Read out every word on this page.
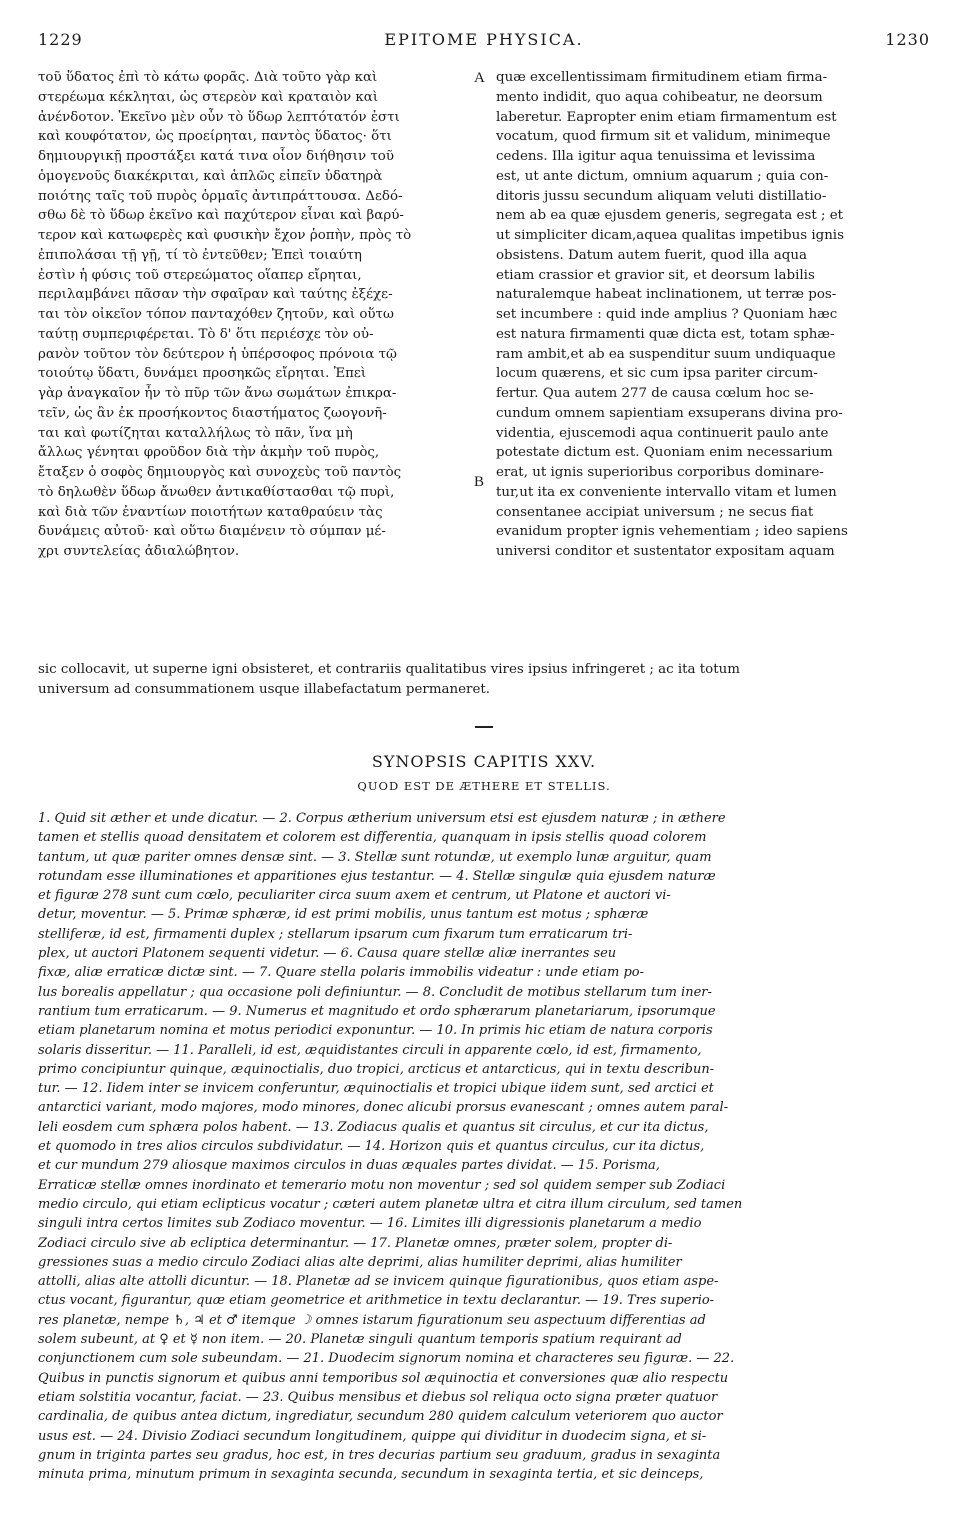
1229	EPITOME PHYSICA.	1230
τοῦ ὕδατος ἐπὶ τὸ κάτω φορᾶς. Διὰ τοῦτο γὰρ καὶ
στερέωμα κέκληται, ὡς στερεὸν καὶ κραταιὸν καὶ
ἀνένδοτον. Ἐκεῖνο μὲν οὖν τὸ ὕδωρ λεπτότατόν ἐστι
καὶ κουφότατον, ὡς προείρηται, παντὸς ὕδατος· ὅτι
δημιουργικῇ προστάξει κατά τινα οἷον διήθησιν τοῦ
ὁμογενοῦς διακέκριται, καὶ ἁπλῶς εἰπεῖν ὑδατηρὰ
ποιότης ταῖς τοῦ πυρὸς ὁρμαῖς ἀντιπράττουσα. Δεδό-
σθω δὲ τὸ ὕδωρ ἐκεῖνο καὶ παχύτερον εἶναι καὶ βαρύ-
τερον καὶ κατωφερὲς καὶ φυσικὴν ἔχον ῥοπὴν, πρὸς τὸ
ἐπιπολάσαι τῇ γῇ, τί τὸ ἐντεῦθεν; Ἐπεὶ τοιαύτη
ἐστὶν ἡ φύσις τοῦ στερεώματος οἵαπερ εἴρηται,
περιλαμβάνει πᾶσαν τὴν σφαῖραν καὶ ταύτης ἐξέχε-
ται τὸν οἰκεῖον τόπον πανταχόθεν ζητοῦν, καὶ οὕτω
ταύτῃ συμπεριφέρεται. Τὸ δ' ὅτι περιέσχε τὸν οὐ-
ρανὸν τοῦτον τὸν δεύτερον ἡ ὑπέρσοφος πρόνοια τῷ
τοιούτῳ ὕδατι, δυνάμει προσηκῶς εἴρηται. Ἐπεὶ
γὰρ ἀναγκαῖον ἦν τὸ πῦρ τῶν ἄνω σωμάτων ἐπικρα-
τεῖν, ὡς ἂν ἐκ προσήκοντος διαστήματος ζωογονῆ-
ται καὶ φωτίζηται καταλλήλως τὸ πᾶν, ἵνα μὴ
ἄλλως γένηται φροῦδον διὰ τὴν ἀκμὴν τοῦ πυρὸς,
ἔταξεν ὁ σοφὸς δημιουργὸς καὶ συνοχεὺς τοῦ παντὸς
τὸ δηλωθὲν ὕδωρ ἄνωθεν ἀντικαθίστασθαι τῷ πυρὶ,
καὶ διὰ τῶν ἐναντίων ποιοτήτων καταθραύειν τὰς
δυνάμεις αὐτοῦ· καὶ οὕτω διαμένειν τὸ σύμπαν μέ-
χρι συντελείας ἀδιαλώβητον.
A
B
quæ excellentissimam firmitudinem etiam firma-
mento indidit, quo aqua cohibeatur, ne deorsum
laberetur. Eapropter enim etiam firmamentum est
vocatum, quod firmum sit et validum, minimeque
cedens. Illa igitur aqua tenuissima et levissima
est, ut ante dictum, omnium aquarum ; quia con-
ditoris jussu secundum aliquam veluti distillatio-
nem ab ea quæ ejusdem generis, segregata est ; et
ut simpliciter dicam,aquea qualitas impetibus ignis
obsistens. Datum autem fuerit, quod illa aqua
etiam crassior et gravior sit, et deorsum labilis
naturalemque habeat inclinationem, ut terræ pos-
set incumbere : quid inde amplius ? Quoniam hæc
est natura firmamenti quæ dicta est, totam sphæ-
ram ambit,et ab ea suspenditur suum undiquaque
locum quærens, et sic cum ipsa pariter circum-
fertur. Qua autem 277 de causa cœlum hoc se-
cundum omnem sapientiam exsuperans divina pro-
videntia, ejuscemodi aqua continuerit paulo ante
potestate dictum est. Quoniam enim necessarium
erat, ut ignis superioribus corporibus dominare-
tur,ut ita ex conveniente intervallo vitam et lumen
consentanee accipiat universum ; ne secus fiat
evanidum propter ignis vehementiam ; ideo sapiens
universi conditor et sustentator expositam aquam
sic collocavit, ut superne igni obsisteret, et contrariis qualitatibus vires ipsius infringeret ; ac ita totum
universum ad consummationem usque illabefactatum permaneret.
SYNOPSIS CAPITIS XXV.
QUOD EST DE ÆTHERE ET STELLIS.
1. Quid sit æther et unde dicatur. — 2. Corpus ætherium universum etsi est ejusdem naturæ ; in æthere
tamen et stellis quoad densitatem et colorem est differentia, quanquam in ipsis stellis quoad colorem
tantum, ut quæ pariter omnes densæ sint. — 3. Stellæ sunt rotundæ, ut exemplo lunæ arguitur, quam
rotundam esse illuminationes et apparitiones ejus testantur. — 4. Stellæ singulæ quia ejusdem naturæ
et figuræ 278 sunt cum cœlo, peculiariter circa suum axem et centrum, ut Platone et auctori vi-
detur, moventur. — 5. Primæ sphæræ, id est primi mobilis, unus tantum est motus ; sphæræ
stelliferæ, id est, firmamenti duplex ; stellarum ipsarum cum fixarum tum erraticarum tri-
plex, ut auctori Platonem sequenti videtur. — 6. Causa quare stellæ aliæ inerrantes seu
fixæ, aliæ erraticæ dictæ sint. — 7. Quare stella polaris immobilis videatur : unde etiam po-
lus borealis appellatur ; qua occasione poli definiuntur. — 8. Concludit de motibus stellarum tum iner-
rantium tum erraticarum. — 9. Numerus et magnitudo et ordo sphærarum planetariarum, ipsorumque
etiam planetarum nomina et motus periodici exponuntur. — 10. In primis hic etiam de natura corporis
solaris disseritur. — 11. Paralleli, id est, æquidistantes circuli in apparente cœlo, id est, firmamento,
primo concipiuntur quinque, æquinoctialis, duo tropici, arcticus et antarcticus, qui in textu describun-
tur. — 12. Iidem inter se invicem conferuntur, æquinoctialis et tropici ubique iidem sunt, sed arctici et
antarctici variant, modo majores, modo minores, donec alicubi prorsus evanescant ; omnes autem paral-
leli eosdem cum sphæra polos habent. — 13. Zodiacus qualis et quantus sit circulus, et cur ita dictus,
et quomodo in tres alios circulos subdividatur. — 14. Horizon quis et quantus circulus, cur ita dictus,
et cur mundum 279 aliosque maximos circulos in duas æquales partes dividat. — 15. Porisma,
Erraticæ stellæ omnes inordinato et temerario motu non moventur ; sed sol quidem semper sub Zodiaci
medio circulo, qui etiam eclipticus vocatur ; cæteri autem planetæ ultra et citra illum circulum, sed tamen
singuli intra certos limites sub Zodiaco moventur. — 16. Limites illi digressionis planetarum a medio
Zodiaci circulo sive ab ecliptica determinantur. — 17. Planetæ omnes, præter solem, propter di-
gressiones suas a medio circulo Zodiaci alias alte deprimi, alias humiliter deprimi, alias humiliter
attolli, alias alte attolli dicuntur. — 18. Planetæ ad se invicem quinque figurationibus, quos etiam aspe-
ctus vocant, figurantur, quæ etiam geometrice et arithmetice in textu declarantur. — 19. Tres superio-
res planetæ, nempe ♄, ♃ et ♂ itemque ☽ omnes istarum figurationum seu aspectuum differentias ad
solem subeunt, at ♀ et ☿ non item. — 20. Planetæ singuli quantum temporis spatium requirant ad
conjunctionem cum sole subeundam. — 21. Duodecim signorum nomina et characteres seu figuræ. — 22.
Quibus in punctis signorum et quibus anni temporibus sol æquinoctia et conversiones quæ alio respectu
etiam solstitia vocantur, faciat. — 23. Quibus mensibus et diebus sol reliqua octo signa præter quatuor
cardinalia, de quibus antea dictum, ingrediatur, secundum 280 quidem calculum veteriorem quo auctor
usus est. — 24. Divisio Zodiaci secundum longitudinem, quippe qui dividitur in duodecim signa, et si-
gnum in triginta partes seu gradus, hoc est, in tres decurias partium seu graduum, gradus in sexaginta
minuta prima, minutum primum in sexaginta secunda, secundum in sexaginta tertia, et sic deinceps,
